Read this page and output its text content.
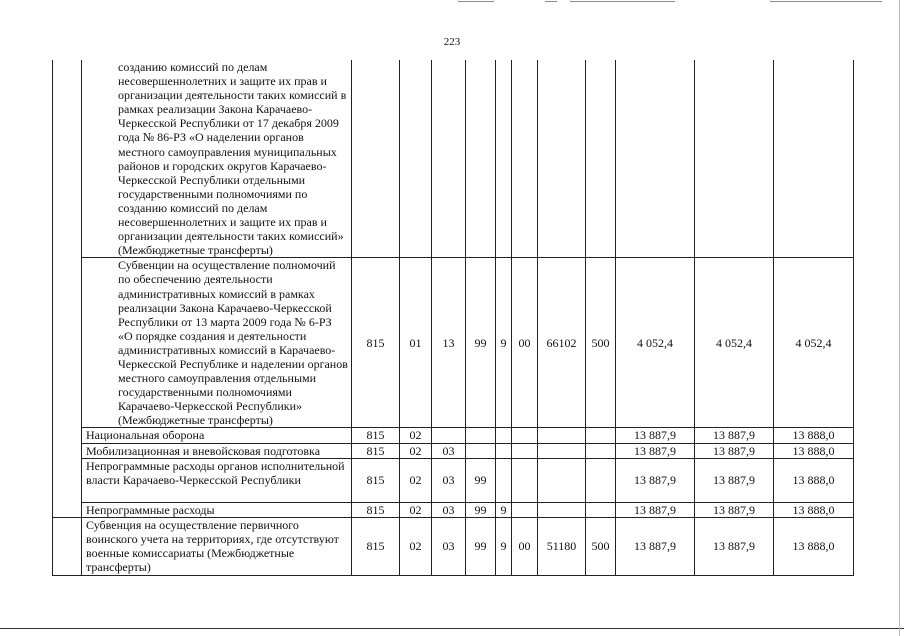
223
	созданию комиссий по делам несовершеннолетних и защите их прав и организации деятельности таких комиссий в рамках реализации Закона Карачаево-Черкесской Республики от 17 декабря 2009 года № 86-РЗ «О наделении органов местного самоуправления муниципальных районов и городских округов Карачаево-Черкесской Республики отдельными государственными полномочиями по созданию комиссий по делам несовершеннолетних и защите их прав и организации деятельности таких комиссий» (Межбюджетные трансферты)											
	Субвенции на осуществление полномочий по обеспечению деятельности административных комиссий в рамках реализации Закона Карачаево-Черкесской Республики от 13 марта 2009 года № 6-РЗ «О порядке создания и деятельности административных комиссий в Карачаево-Черкесской Республике и наделении органов местного самоуправления отдельными государственными полномочиями Карачаево-Черкесской Республики» (Межбюджетные трансферты)	815	01	13	99	9	00	66102	500	4 052,4	4 052,4	4 052,4
	Национальная оборона	815	02							13 887,9	13 887,9	13 888,0
	Мобилизационная и вневойсковая подготовка	815	02	03						13 887,9	13 887,9	13 888,0
	Непрограммные расходы органов исполнительной власти Карачаево-Черкесской Республики	815	02	03	99					13 887,9	13 887,9	13 888,0
	Непрограммные расходы	815	02	03	99	9				13 887,9	13 887,9	13 888,0
	Субвенция на осуществление первичного воинского учета на территориях, где отсутствуют военные комиссариаты (Межбюджетные трансферты)	815	02	03	99	9	00	51180	500	13 887,9	13 887,9	13 888,0
